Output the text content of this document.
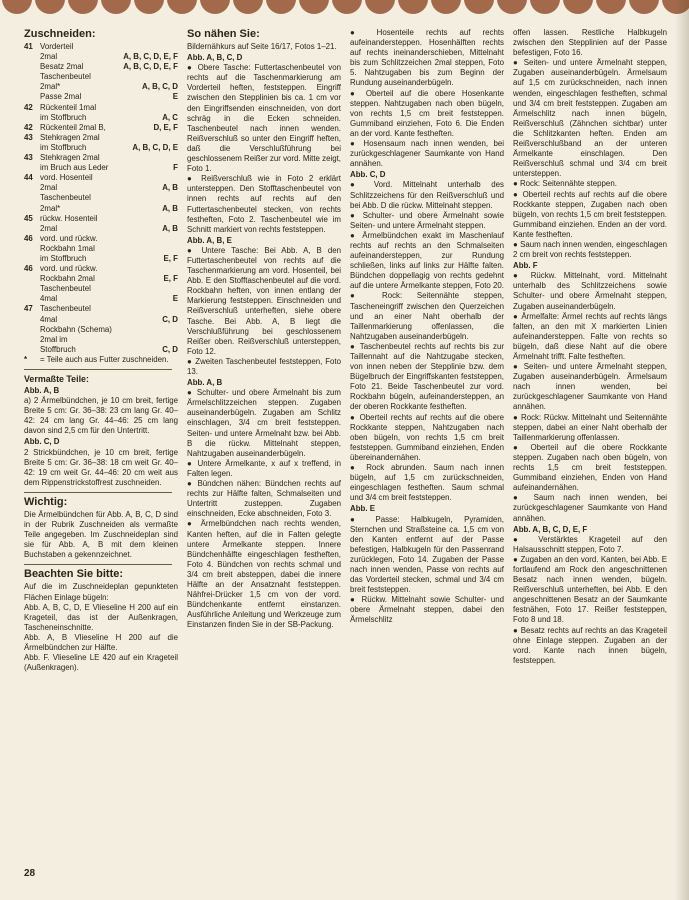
Zuschneiden:
41 Vorderteil
2mal	A, B, C, D, E, F
Besatz 2mal	A, B, C, D, E, F
Taschenbeutel
2mal*	A, B, C, D
Passe 2mal	E
42 Rückenteil 1mal
im Stoffbruch	A, C
42 Rückenteil 2mal B,	D, E, F
43 Stehkragen 2mal
im Stoffbruch	A, B, C, D, E
43 Stehkragen 2mal
im Bruch aus Leder	F
44 vord. Hosenteil
2mal	A, B
Taschenbeutel
2mal*	A, B
45 rückw. Hosenteil
2mal	A, B
46 vord. und rückw.
Rockbahn 1mal
im Stoffbruch	E, F
46 vord. und rückw.
Rockbahn 2mal	E, F
Taschenbeutel
4mal	E
47 Taschenbeutel
4mal	C, D
Rockbahn (Schema)
2mal im
Stoffbruch	C, D
*	= Teile auch aus Futter zuschneiden.
Vermaßte Teile:
Abb. A, B

a) 2 Ärmelbündchen, je 10 cm breit, fertige Breite 5 cm: Gr. 36–38: 23 cm lang Gr. 40–42: 24 cm lang Gr. 44–46: 25 cm lang davon sind 2,5 cm für den Untertritt.

Abb. C, D

2 Strickbündchen, je 10 cm breit, fertige Breite 5 cm: Gr. 36–38: 18 cm weit Gr. 40–42: 19 cm weit Gr. 44–46: 20 cm weit aus dem Rippenstrickstoffrest zuschneiden.

Wichtig:

Die Ärmelbündchen für Abb. A, B, C, D sind in der Rubrik Zuschneiden als vermaßte Teile angegeben. Im Zuschneideplan sind sie für Abb. A, B mit dem kleinen Buchstaben a gekennzeichnet.

Beachten Sie bitte:

Auf die im Zuschneideplan gepunkteten Flächen Einlage bügeln:

Abb. A, B, C, D, E Vlieseline H 200 auf ein Krageteil, das ist der Außenkragen, Tascheneinschnitte.

Abb. A, B Vlieseline H 200 auf die Ärmelbündchen zur Hälfte.

Abb. F. Vlieseline LE 420 auf ein Krageteil (Außenkragen).

So nähen Sie:

Bildernähkurs auf Seite 16/17, Fotos 1–21.

Abb. A, B, C, D

● Obere Tasche: Futtertaschenbeutel von rechts auf die Taschenmarkierung am Vorderteil heften, feststeppen. Eingriff zwischen den Stepplinien bis ca. 1 cm vor den Eingriffsenden einschneiden, von dort schräg in die Ecken schneiden. Taschenbeutel nach innen wenden. Reißverschluß so unter den Eingriff heften, daß die Verschlußführung bei geschlossenem Reißer zur vord. Mitte zeigt, Foto 1.

● Reißverschluß wie in Foto 2 erklärt untersteppen. Den Stofftaschenbeutel von innen rechts auf rechts auf den Futtertaschenbeutel stecken, von rechts festheften, Foto 2. Taschenbeutel wie im Schnitt markiert von rechts feststeppen.

Abb. A, B, E

● Untere Tasche: Bei Abb. A, B den Futtertaschenbeutel von rechts auf die Taschenmarkierung am vord. Hosenteil, bei Abb. E den Stofftaschenbeutel auf die vord. Rockbahn heften, von innen entlang der Markierung feststeppen. Einschneiden und Reißverschluß unterheften, siehe obere Tasche. Bei Abb. A, B liegt die Verschlußführung bei geschlossenem Reißer oben. Reißverschluß untersteppen, Foto 12.

● Zweiten Taschenbeutel feststeppen, Foto 13.

Abb. A, B

● Schulter- und obere Ärmelnaht bis zum Ärmelschlitzzeichen steppen. Zugaben auseinanderbügeln. Zugaben am Schlitz einschlagen, 3/4 cm breit feststeppen. Seiten- und untere Ärmelnaht bzw. bei Abb. B die rückw. Mittelnaht steppen, Nahtzugaben auseinanderbügeln.

● Untere Ärmelkante, x auf x treffend, in Falten legen.

● Bündchen nähen: Bündchen rechts auf rechts zur Hälfte falten, Schmalseiten und Untertritt zusteppen. Zugaben einschneiden, Ecke abschneiden, Foto 3.

● Ärmelbündchen nach rechts wenden, Kanten heften, auf die in Falten gelegte untere Ärmelkante steppen. Innere Bündchenhälfte eingeschlagen festheften, Foto 4. Bündchen von rechts schmal und 3/4 cm breit absteppen, dabei die innere Hälfte an der Ansatznaht feststeppen. Nähfrei-Drücker 1,5 cm von der vord. Bündchenkante entfernt einstanzen. Ausführliche Anleitung und Werkzeuge zum Einstanzen finden Sie in der SB-Packung.

● Hosenteile rechts auf rechts aufeinandersteppen. Hosenhälften rechts auf rechts ineinanderschieben, Mittelnaht bis zum Schlitzzeichen 2mal steppen, Foto 5. Nahtzugaben bis zum Beginn der Rundung auseinanderbügeln.

● Oberteil auf die obere Hosenkante steppen. Nahtzugaben nach oben bügeln, von rechts 1,5 cm breit feststeppen. Gummiband einziehen, Foto 6. Die Enden an der vord. Kante festheften.

● Hosensaum nach innen wenden, bei zurückgeschlagener Saumkante von Hand annähen.

Abb. C, D

● Vord. Mittelnaht unterhalb des Schlitzzeichens für den Reißverschluß und bei Abb. D die rückw. Mittelnaht steppen.

● Schulter- und obere Ärmelnaht sowie Seiten- und untere Ärmelnaht steppen.

● Ärmelbündchen exakt im Maschenlauf rechts auf rechts an den Schmalseiten aufeinandersteppen, zur Rundung schließen, links auf links zur Hälfte falten. Bündchen doppellagig von rechts gedehnt auf die untere Ärmelkante steppen, Foto 20.

● Rock: Seitennähte steppen, Tascheneingriff zwischen den Querzeichen und an einer Naht oberhalb der Taillenmarkierung offenlassen, die Nahtzugaben auseinanderbügeln.

● Taschenbeutel rechts auf rechts bis zur Taillennaht auf die Nahtzugabe stecken, von innen neben der Stepplinie bzw. dem Bügelbruch der Eingriffskanten feststeppen, Foto 21. Beide Taschenbeutel zur vord. Rockbahn bügeln, aufeinandersteppen, an der oberen Rockkante festheften.

● Oberteil rechts auf rechts auf die obere Rockkante steppen, Nahtzugaben nach oben bügeln, von rechts 1,5 cm breit feststeppen. Gummiband einziehen, Enden übereinandernähen.

● Rock abrunden. Saum nach innen bügeln, auf 1,5 cm zurückschneiden, eingeschlagen festheften. Saum schmal und 3/4 cm breit feststeppen.

Abb. E

● Passe: Halbkugeln, Pyramiden, Sternchen und Straßsteine ca. 1,5 cm von den Kanten entfernt auf der Passe befestigen, Halbkugeln für den Passenrand zurücklegen, Foto 14. Zugaben der Passe nach innen wenden, Passe von rechts auf das Vorderteil stecken, schmal und 3/4 cm breit feststeppen.

● Rückw. Mittelnaht sowie Schulter- und obere Ärmelnaht steppen, dabei den Ärmelschlitz

offen lassen. Restliche Halbkugeln zwischen den Stepplinien auf der Passe befestigen, Foto 16.

● Seiten- und untere Ärmelnaht steppen, Zugaben auseinanderbügeln. Ärmelsaum auf 1,5 cm zurückschneiden, nach innen wenden, eingeschlagen festheften, schmal und 3/4 cm breit feststeppen. Zugaben am Ärmelschlitz nach innen bügeln, Reißverschluß (Zähnchen sichtbar) unter die Schlitzkanten heften. Enden am Reißverschlußband an der unteren Ärmelkante einschlagen. Den Reißverschluß schmal und 3/4 cm breit untersteppen.

● Rock: Seitennähte steppen.

● Oberteil rechts auf rechts auf die obere Rockkante steppen, Zugaben nach oben bügeln, von rechts 1,5 cm breit feststeppen. Gummiband einziehen. Enden an der vord. Kante festheften.

● Saum nach innen wenden, eingeschlagen 2 cm breit von rechts feststeppen.

Abb. F

● Rückw. Mittelnaht, vord. Mittelnaht unterhalb des Schlitzzeichens sowie Schulter- und obere Ärmelnaht steppen, Zugaben auseinanderbügeln.

● Ärmelfalte: Ärmel rechts auf rechts längs falten, an den mit X markierten Linien aufeinandersteppen. Falte von rechts so bügeln, daß diese Naht auf die obere Ärmelnaht trifft. Falte festheften.

● Seiten- und untere Ärmelnaht steppen, Zugaben auseinanderbügeln. Ärmelsaum nach innen wenden, bei zurückgeschlagener Saumkante von Hand annähen.

● Rock: Rückw. Mittelnaht und Seitennähte steppen, dabei an einer Naht oberhalb der Taillenmarkierung offenlassen.

● Oberteil auf die obere Rockkante steppen. Zugaben nach oben bügeln, von rechts 1,5 cm breit feststeppen. Gummiband einziehen, Enden von Hand aufeinandernähen.

● Saum nach innen wenden, bei zurückgeschlagener Saumkante von Hand annähen.

Abb. A, B, C, D, E, F

● Verstärktes Krageteil auf den Halsausschnitt steppen, Foto 7.

● Zugaben an den vord. Kanten, bei Abb. E fortlaufend am Rock den angeschnittenen Besatz nach innen wenden, bügeln. Reißverschluß unterheften, bei Abb. E den angeschnittenen Besatz an der Saumkante festnähen, Foto 17. Reißer feststeppen, Foto 8 und 18.

● Besatz rechts auf rechts an das Krageteil ohne Einlage steppen. Zugaben an der vord. Kante nach innen bügeln, feststeppen.

28
